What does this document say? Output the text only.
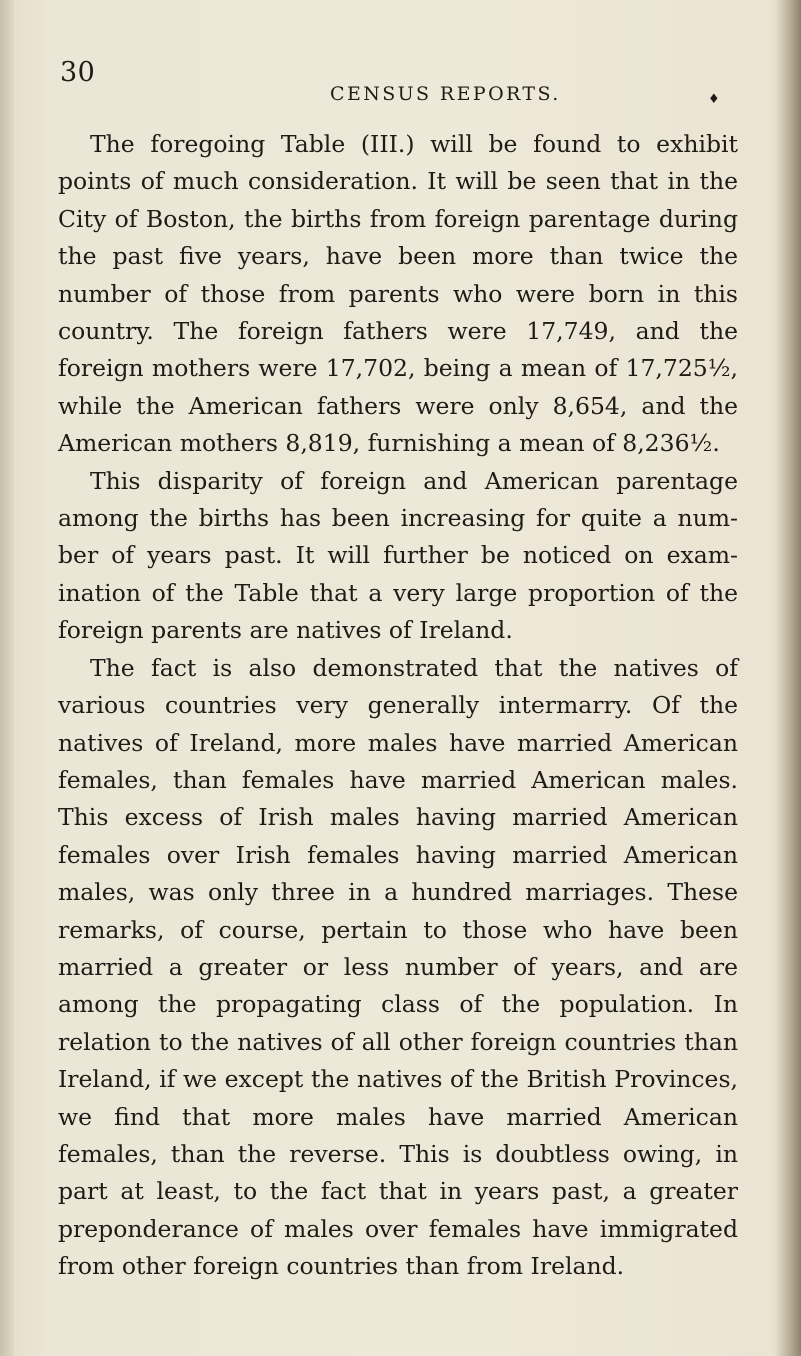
30
CENSUS REPORTS.	♦

The foregoing Table (III.) will be found to exhibit points of much consideration. It will be seen that in the City of Boston, the births from foreign parentage during the past five years, have been more than twice the number of those from parents who were born in this country. The foreign fathers were 17,749, and the foreign mothers were 17,702, being a mean of 17,725½, while the American fathers were only 8,654, and the American mothers 8,819, furnishing a mean of 8,236½.

This disparity of foreign and American parentage among the births has been increasing for quite a number of years past. It will further be noticed on examination of the Table that a very large proportion of the foreign parents are natives of Ireland.

The fact is also demonstrated that the natives of various countries very generally intermarry. Of the natives of Ireland, more males have married American females, than females have married American males. This excess of Irish males having married American females over Irish females having married American males, was only three in a hundred marriages. These remarks, of course, pertain to those who have been married a greater or less number of years, and are among the propagating class of the population. In relation to the natives of all other foreign countries than Ireland, if we except the natives of the British Provinces, we find that more males have married American females, than the reverse. This is doubtless owing, in part at least, to the fact that in years past, a greater preponderance of males over females have immigrated from other foreign countries than from Ireland.
